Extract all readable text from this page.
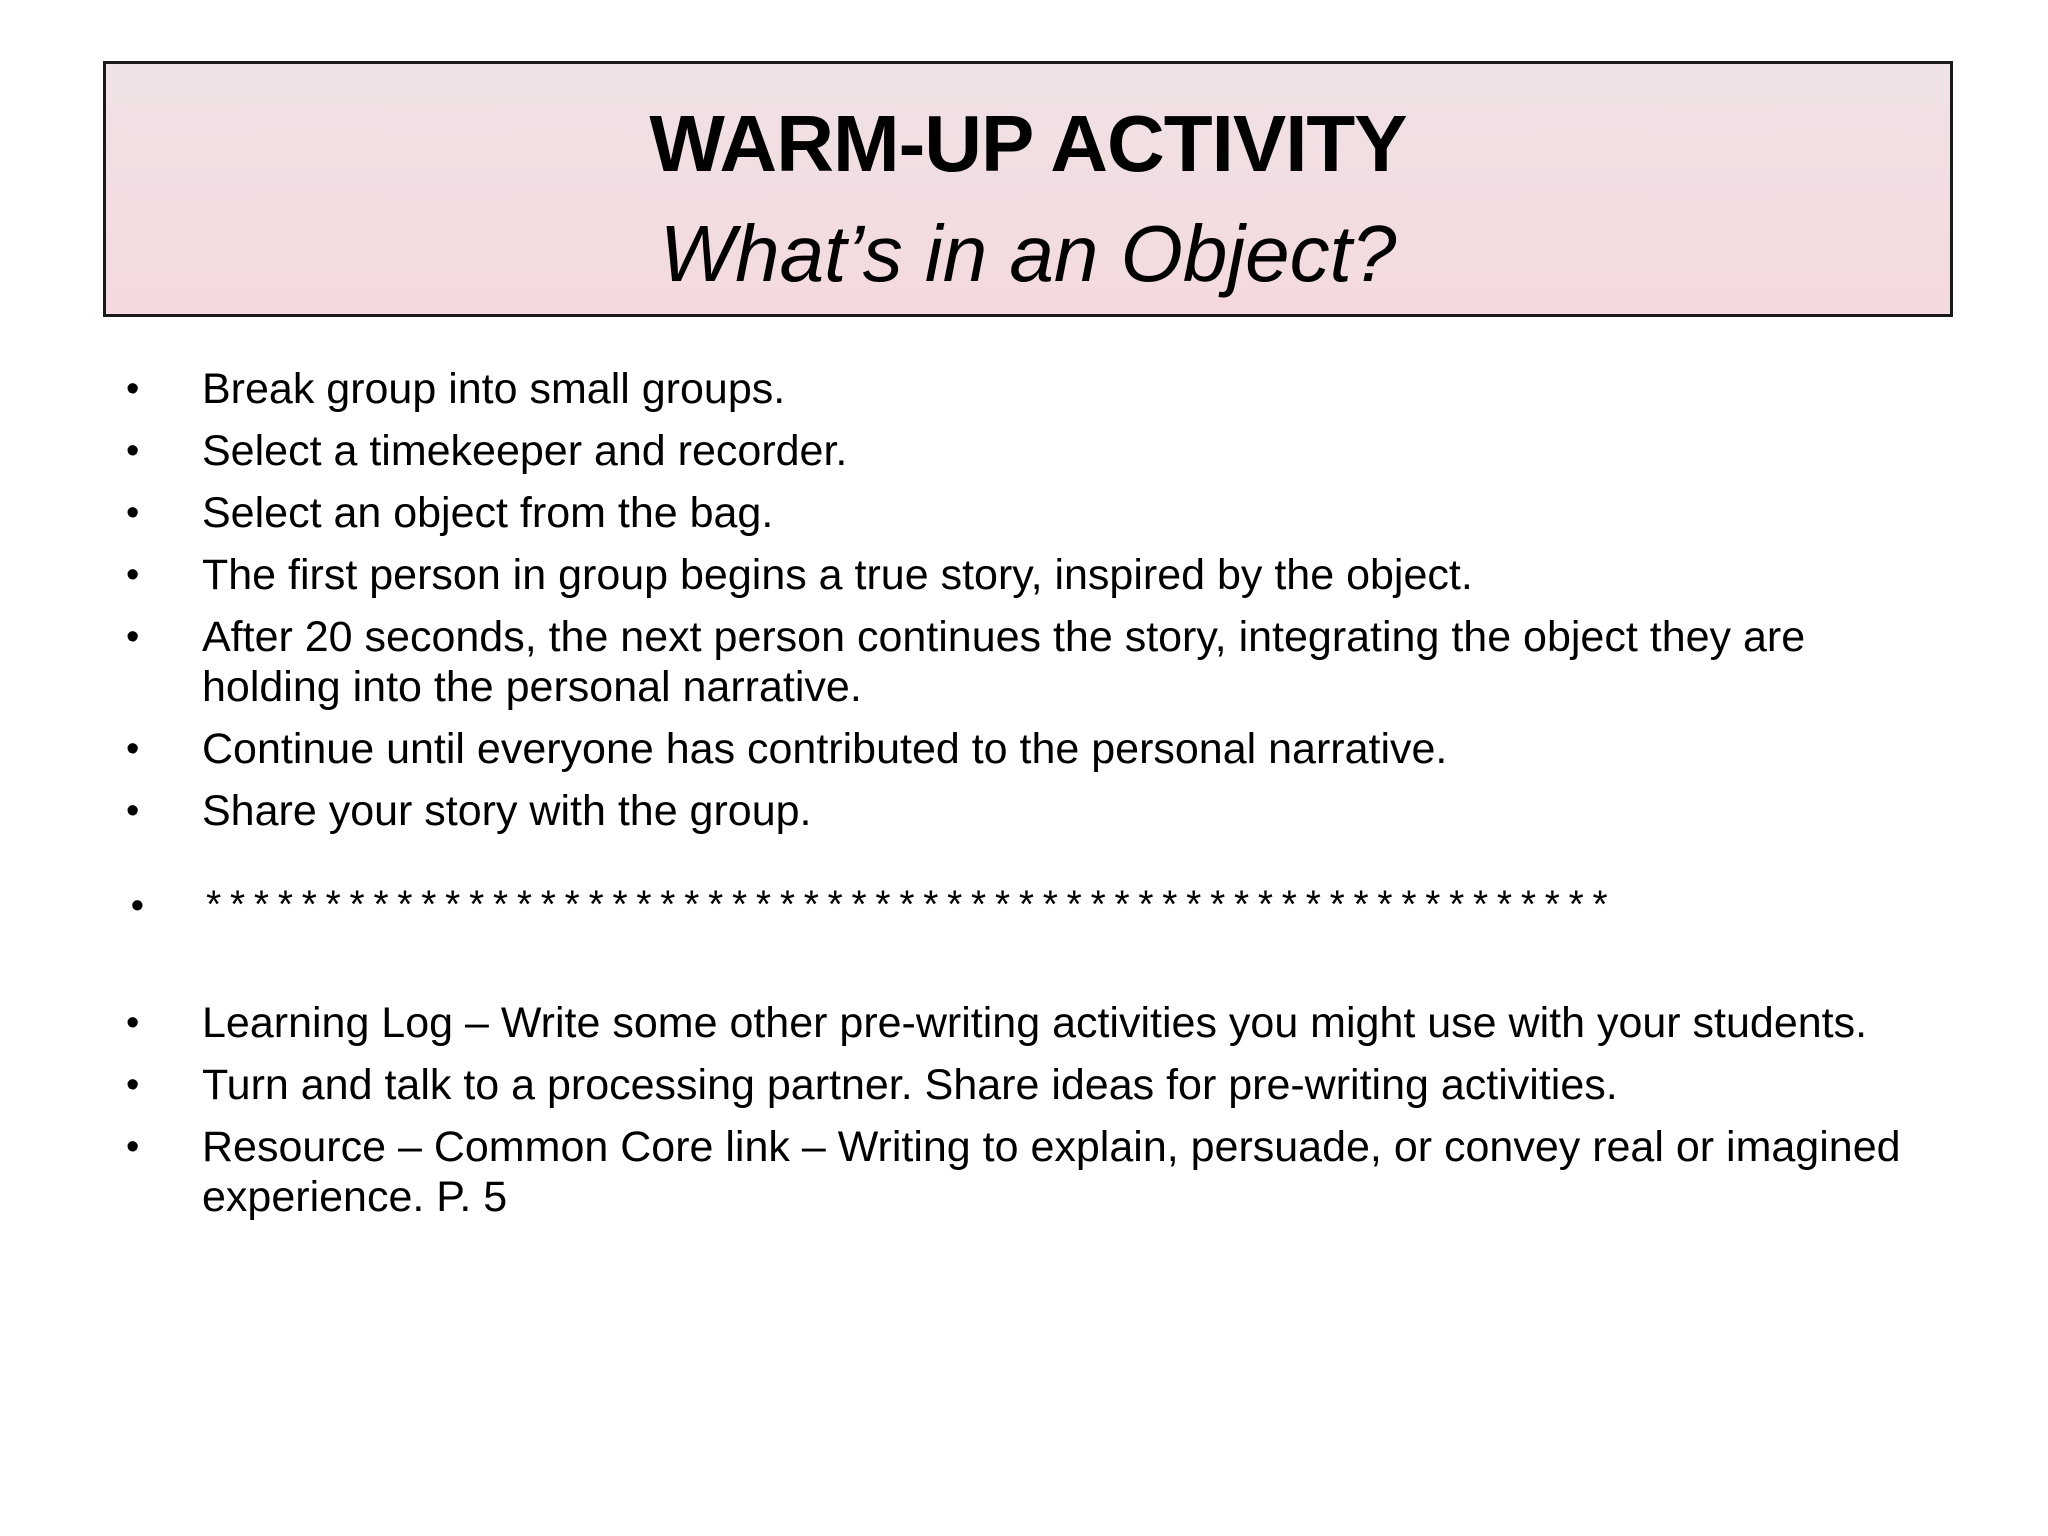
WARM-UP ACTIVITY
What’s in an Object?
• Break group into small groups.
• Select a timekeeper and recorder.
• Select an object from the bag.
• The first person in group begins a true story, inspired by the object.
• After 20 seconds, the next person continues the story, integrating the object they are holding into the personal narrative.
• Continue until everyone has contributed to the personal narrative.
• Share your story with the group.
• ***********************************************************
• Learning Log – Write some other pre-writing activities you might use with your students.
• Turn and talk to a processing partner. Share ideas for pre-writing activities.
• Resource – Common Core link – Writing to explain, persuade, or convey real or imagined experience. P. 5
